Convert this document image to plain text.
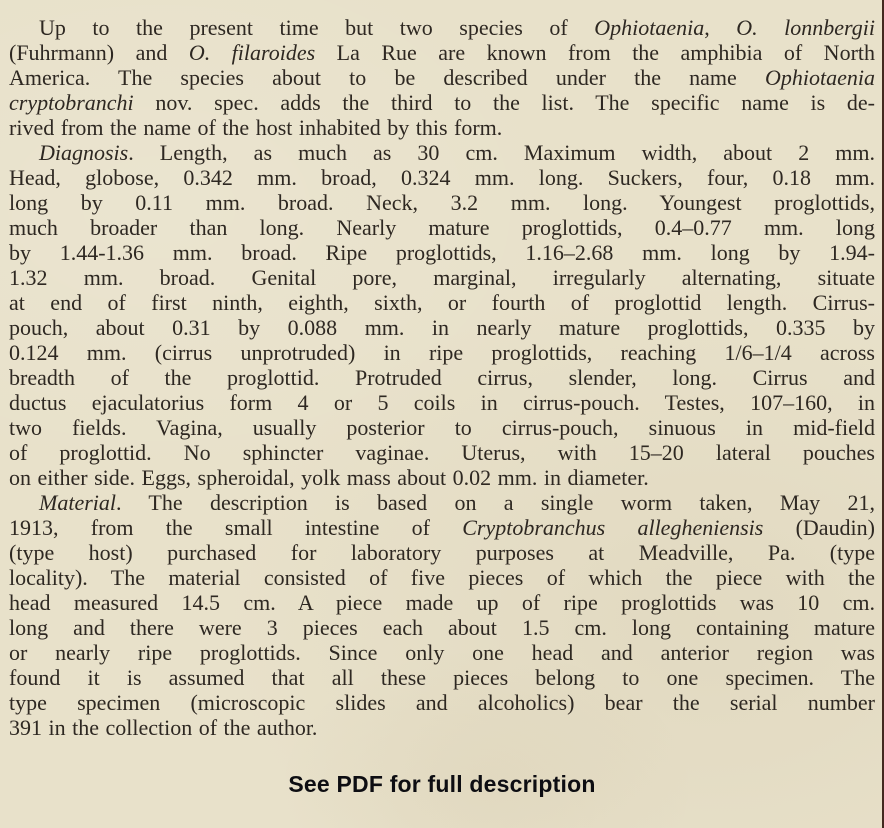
Up to the present time but two species of Ophiotaenia, O. lonnbergii
(Fuhrmann) and O. filaroides La Rue are known from the amphibia of North
America. The species about to be described under the name Ophiotaenia
cryptobranchi nov. spec. adds the third to the list. The specific name is de-
rived from the name of the host inhabited by this form.
Diagnosis. Length, as much as 30 cm. Maximum width, about 2 mm.
Head, globose, 0.342 mm. broad, 0.324 mm. long. Suckers, four, 0.18 mm.
long by 0.11 mm. broad. Neck, 3.2 mm. long. Youngest proglottids,
much broader than long. Nearly mature proglottids, 0.4–0.77 mm. long
by 1.44-1.36 mm. broad. Ripe proglottids, 1.16–2.68 mm. long by 1.94-
1.32 mm. broad. Genital pore, marginal, irregularly alternating, situate
at end of first ninth, eighth, sixth, or fourth of proglottid length. Cirrus-
pouch, about 0.31 by 0.088 mm. in nearly mature proglottids, 0.335 by
0.124 mm. (cirrus unprotruded) in ripe proglottids, reaching 1/6–1/4 across
breadth of the proglottid. Protruded cirrus, slender, long. Cirrus and
ductus ejaculatorius form 4 or 5 coils in cirrus-pouch. Testes, 107–160, in
two fields. Vagina, usually posterior to cirrus-pouch, sinuous in mid-field
of proglottid. No sphincter vaginae. Uterus, with 15–20 lateral pouches
on either side. Eggs, spheroidal, yolk mass about 0.02 mm. in diameter.
Material. The description is based on a single worm taken, May 21,
1913, from the small intestine of Cryptobranchus allegheniensis (Daudin)
(type host) purchased for laboratory purposes at Meadville, Pa. (type
locality). The material consisted of five pieces of which the piece with the
head measured 14.5 cm. A piece made up of ripe proglottids was 10 cm.
long and there were 3 pieces each about 1.5 cm. long containing mature
or nearly ripe proglottids. Since only one head and anterior region was
found it is assumed that all these pieces belong to one specimen. The
type specimen (microscopic slides and alcoholics) bear the serial number
391 in the collection of the author.
See PDF for full description
